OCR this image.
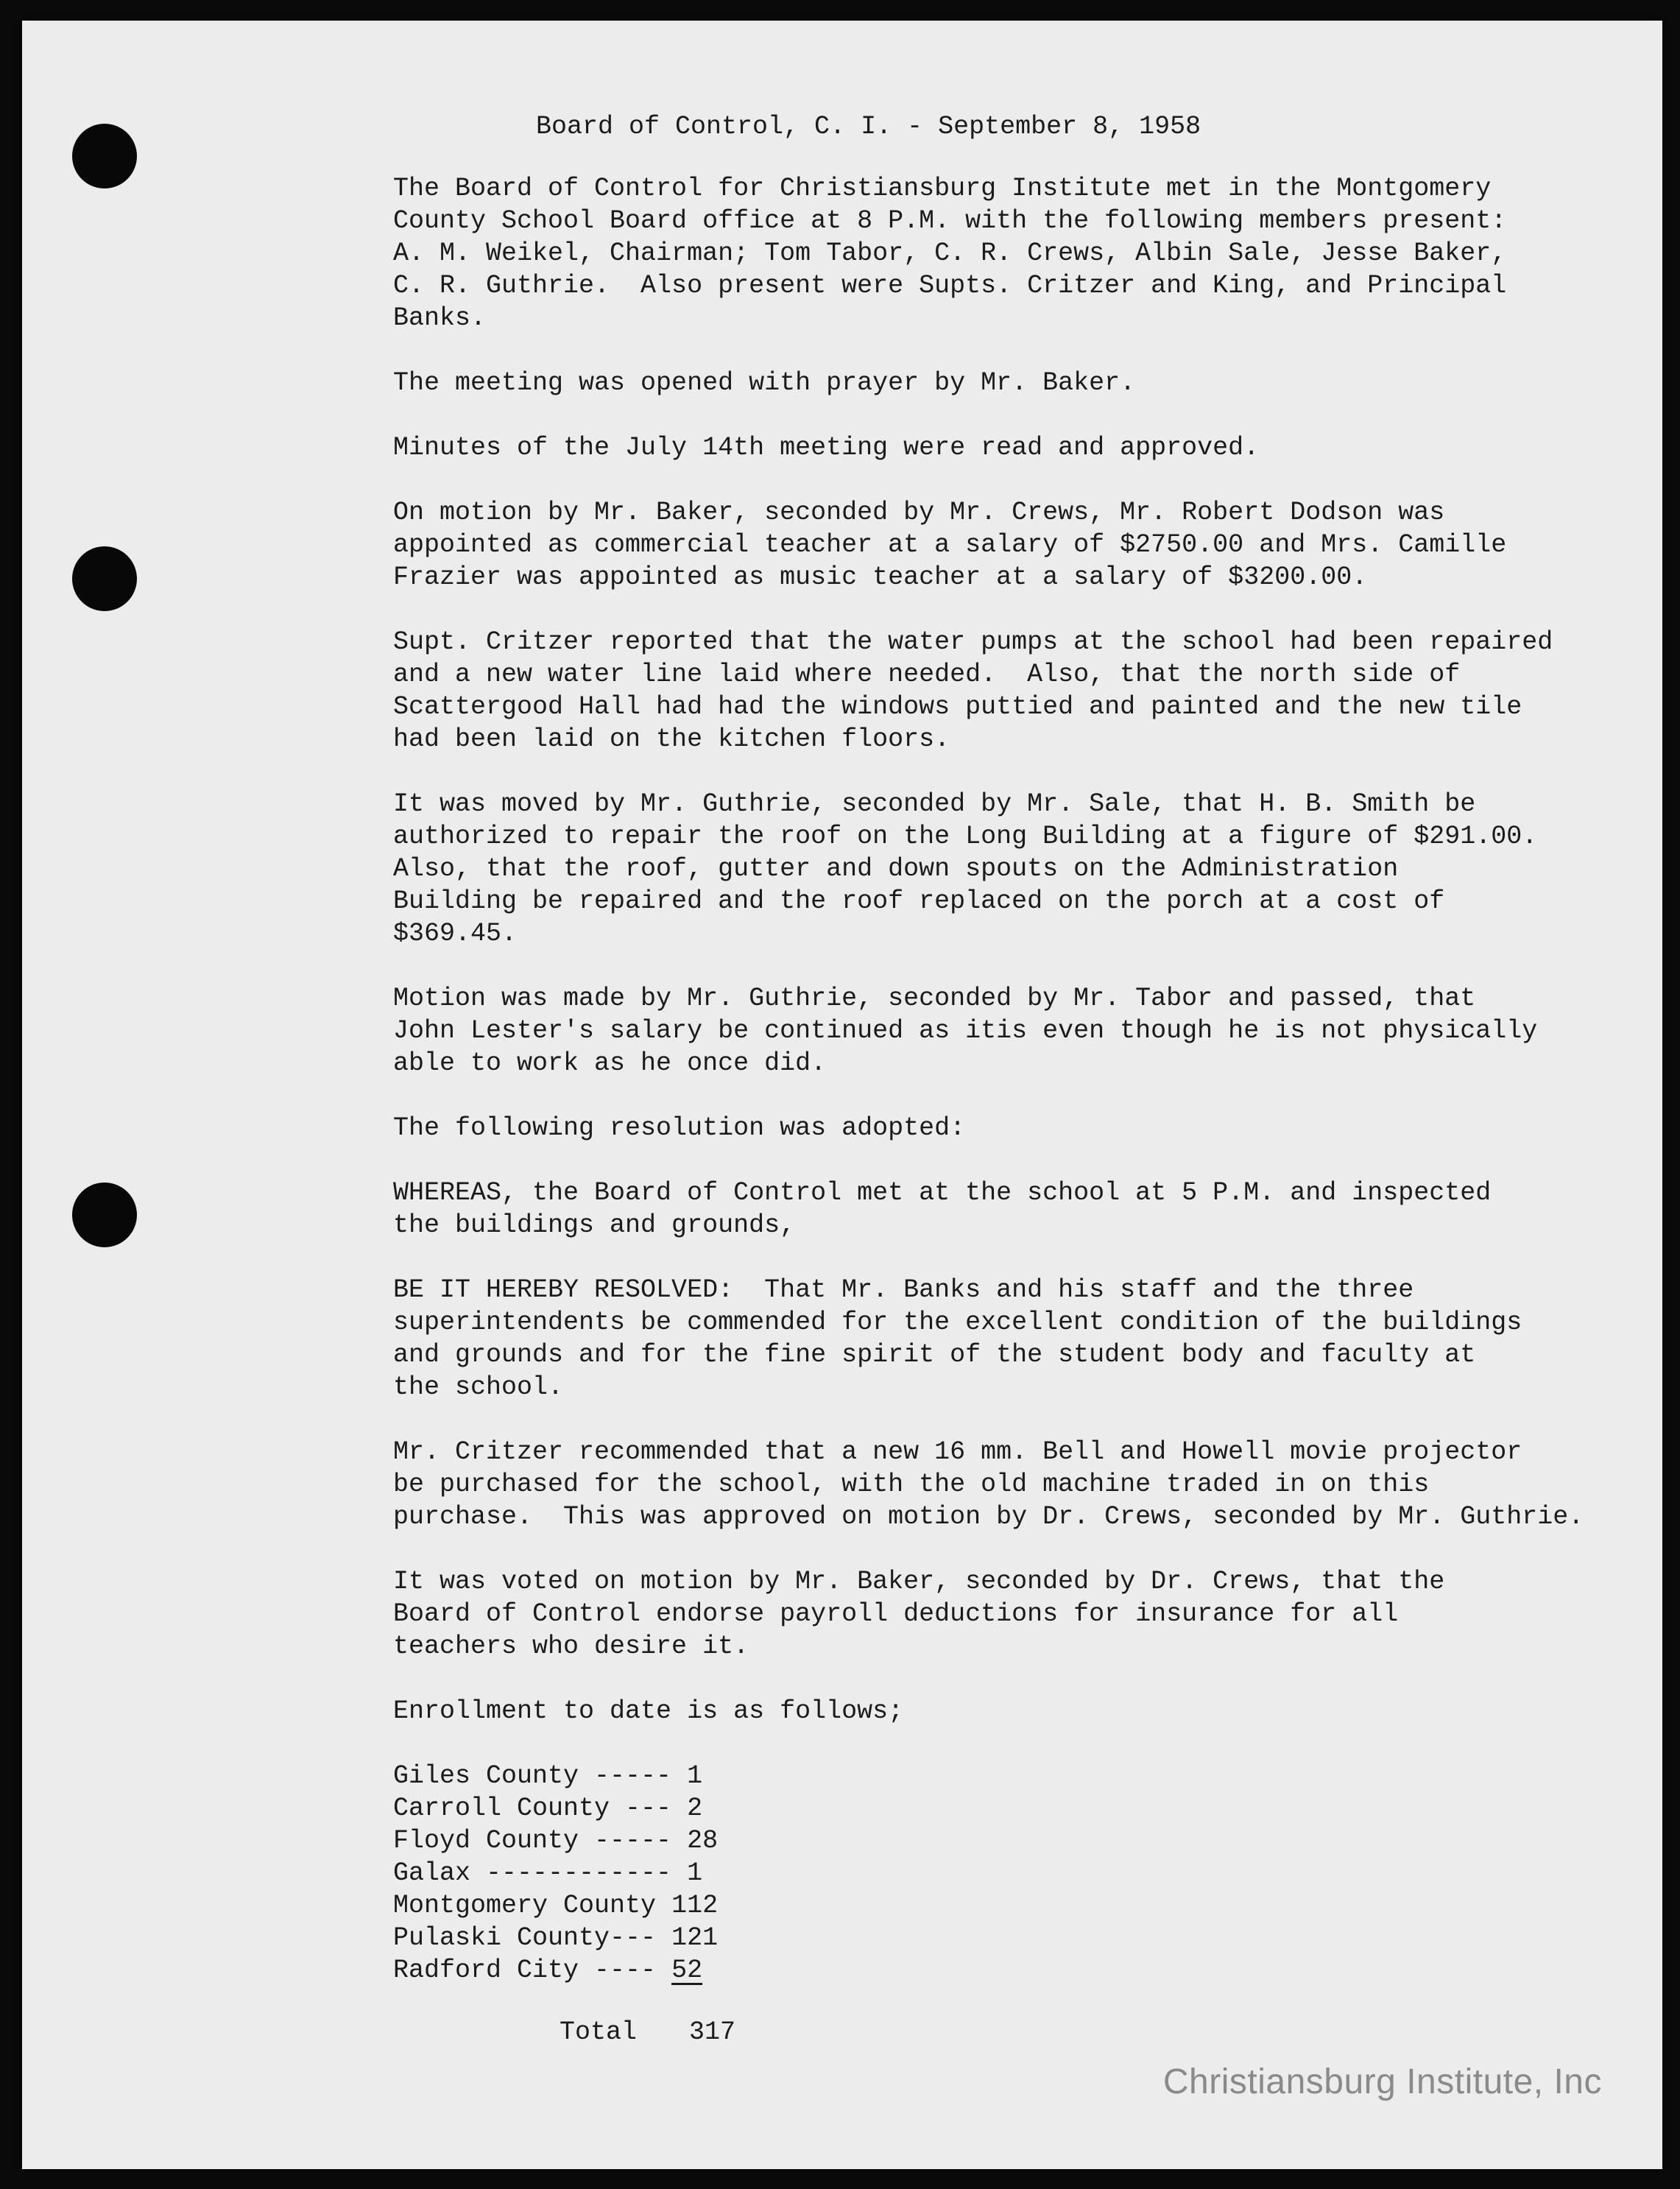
Board of Control, C. I. - September 8, 1958
The Board of Control for Christiansburg Institute met in the Montgomery
County School Board office at 8 P.M. with the following members present:
A. M. Weikel, Chairman; Tom Tabor, C. R. Crews, Albin Sale, Jesse Baker,
C. R. Guthrie.  Also present were Supts. Critzer and King, and Principal
Banks.
The meeting was opened with prayer by Mr. Baker.
Minutes of the July 14th meeting were read and approved.
On motion by Mr. Baker, seconded by Mr. Crews, Mr. Robert Dodson was
appointed as commercial teacher at a salary of $2750.00 and Mrs. Camille
Frazier was appointed as music teacher at a salary of $3200.00.
Supt. Critzer reported that the water pumps at the school had been repaired
and a new water line laid where needed.  Also, that the north side of
Scattergood Hall had had the windows puttied and painted and the new tile
had been laid on the kitchen floors.
It was moved by Mr. Guthrie, seconded by Mr. Sale, that H. B. Smith be
authorized to repair the roof on the Long Building at a figure of $291.00.
Also, that the roof, gutter and down spouts on the Administration
Building be repaired and the roof replaced on the porch at a cost of
$369.45.
Motion was made by Mr. Guthrie, seconded by Mr. Tabor and passed, that
John Lester's salary be continued as itis even though he is not physically
able to work as he once did.
The following resolution was adopted:
WHEREAS, the Board of Control met at the school at 5 P.M. and inspected
the buildings and grounds,
BE IT HEREBY RESOLVED:  That Mr. Banks and his staff and the three
superintendents be commended for the excellent condition of the buildings
and grounds and for the fine spirit of the student body and faculty at
the school.
Mr. Critzer recommended that a new 16 mm. Bell and Howell movie projector
be purchased for the school, with the old machine traded in on this
purchase.  This was approved on motion by Dr. Crews, seconded by Mr. Guthrie.
It was voted on motion by Mr. Baker, seconded by Dr. Crews, that the
Board of Control endorse payroll deductions for insurance for all
teachers who desire it.
Enrollment to date is as follows;
Giles County ----- 1
Carroll County --- 2
Floyd County ----- 28
Galax ------------ 1
Montgomery County 112
Pulaski County--- 121
Radford City ---- 52
Total 317
Christiansburg Institute, Inc
